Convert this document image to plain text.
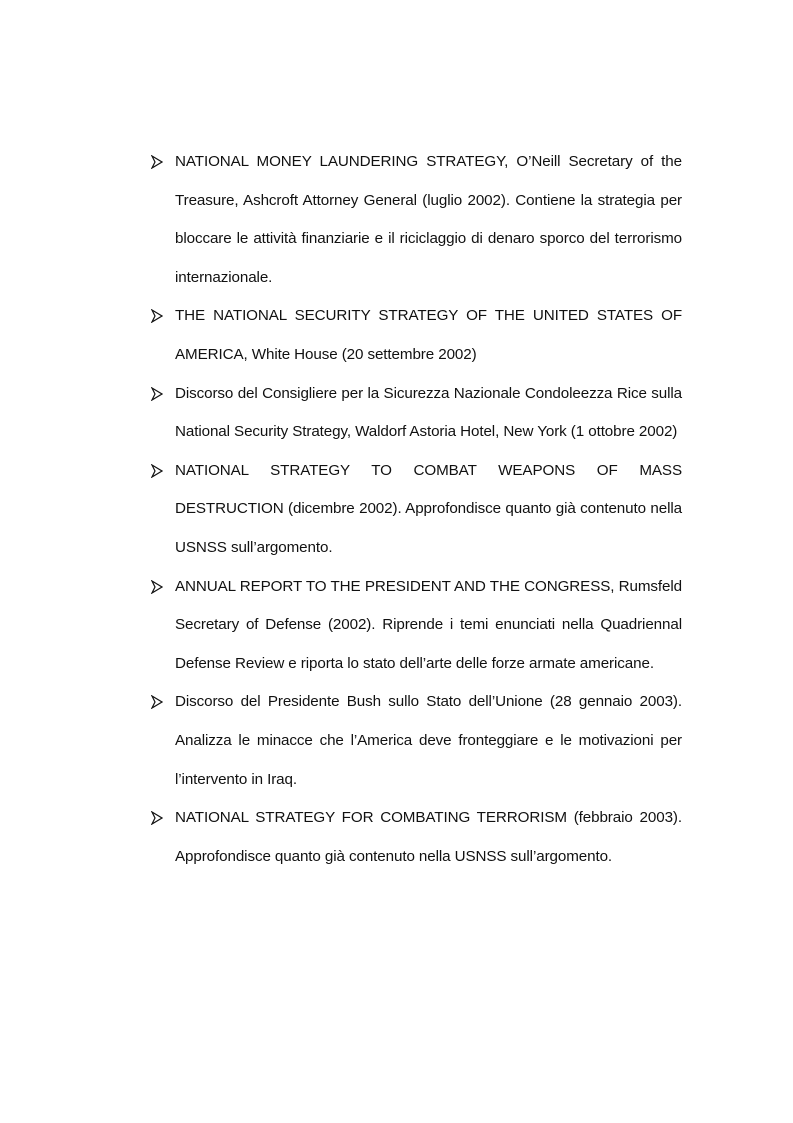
NATIONAL MONEY LAUNDERING STRATEGY, O’Neill Secretary of the Treasure, Ashcroft Attorney General (luglio 2002). Contiene la strategia per bloccare le attività finanziarie e il riciclaggio di denaro sporco del terrorismo internazionale.
THE NATIONAL SECURITY STRATEGY OF THE UNITED STATES OF AMERICA, White House (20 settembre 2002)
Discorso del Consigliere per la Sicurezza Nazionale Condoleezza Rice sulla National Security Strategy, Waldorf Astoria Hotel, New York (1 ottobre 2002)
NATIONAL STRATEGY TO COMBAT WEAPONS OF MASS DESTRUCTION (dicembre 2002). Approfondisce quanto già contenuto nella USNSS sull’argomento.
ANNUAL REPORT TO THE PRESIDENT AND THE CONGRESS, Rumsfeld Secretary of Defense (2002). Riprende i temi enunciati nella Quadriennal Defense Review e riporta lo stato dell’arte delle forze armate americane.
Discorso del Presidente Bush sullo Stato dell’Unione (28 gennaio 2003). Analizza le minacce che l’America deve fronteggiare e le motivazioni per l’intervento in Iraq.
NATIONAL STRATEGY FOR COMBATING TERRORISM (febbraio 2003). Approfondisce quanto già contenuto nella USNSS sull’argomento.
